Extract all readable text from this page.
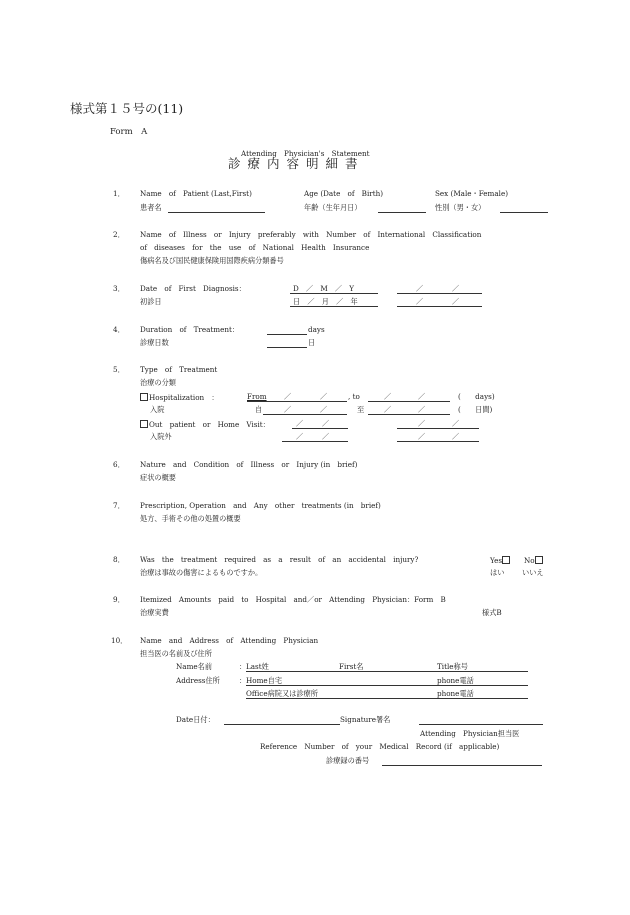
様式第１５号の(11)
Form　A
Attending　Physician's　Statement
診療内容明細書
1． Name　of　Patient (Last,First)
患者名
Age (Date　of　Birth)
年齢（生年月日）
Sex (Male・Female)
性別（男・女）
2． Name　of　Illness　or　Injury　preferably　with　Number　of　International　Classification
of　diseases　for　the　use　of　National　Health　Insurance
傷病名及び国民健康保険用国際疾病分類番号
3． Date　of　First　Diagnosis：
初診日
D　／　M　／　Y
日　／　月　／　年
／	／
／	／
4． Duration　of　Treatment：	days
診療日数	日
5． Type　of　Treatment
治療の分類
Hospitalization　：	From ／	／	, to	／	／	(　　days)
入院	自	／	／	至	／	／	(　　日間)
Out　patient　or　Home　Visit：	／	／	／	／
入院外	／	／	／	／
6． Nature　and　Condition　of　Illness　or　Injury (in　brief)
症状の概要
7． Prescription, Operation　and　Any　other　treatments (in　brief)
処方、手術その他の処置の概要
8． Was　the　treatment　required　as　a　result　of　an　accidental　injury?
治療は事故の傷害によるものですか。
Yes	No
はい いいえ
9． Itemized　Amounts　paid　to　Hospital　and／or　Attending　Physician：Form　B
治療実費	様式B
10． Name　and　Address　of　Attending　Physician
担当医の名前及び住所
Name名前	： Last姓	First名	Title称号
Address住所	： Home自宅	phone電話
Office病院又は診療所	phone電話
Date日付：	Signature署名
Attending　Physician担当医
Reference　Number　of　your　Medical　Record (if　applicable)
診療録の番号
